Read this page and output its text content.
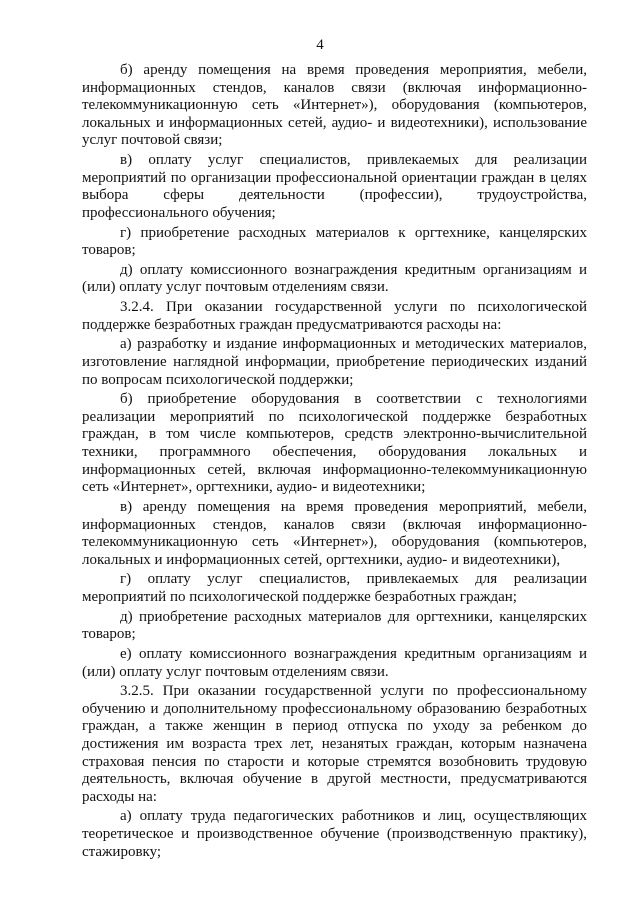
4

б) аренду помещения на время проведения мероприятия, мебели, информационных стендов, каналов связи (включая информационно-телекоммуникационную сеть «Интернет»), оборудования (компьютеров, локальных и информационных сетей, аудио- и видеотехники), использование услуг почтовой связи;

в) оплату услуг специалистов, привлекаемых для реализации мероприятий по организации профессиональной ориентации граждан в целях выбора сферы деятельности (профессии), трудоустройства, профессионального обучения;

г) приобретение расходных материалов к оргтехнике, канцелярских товаров;

д) оплату комиссионного вознаграждения кредитным организациям и (или) оплату услуг почтовым отделениям связи.

3.2.4. При оказании государственной услуги по психологической поддержке безработных граждан предусматриваются расходы на:

а) разработку и издание информационных и методических материалов, изготовление наглядной информации, приобретение периодических изданий по вопросам психологической поддержки;

б) приобретение оборудования в соответствии с технологиями реализации мероприятий по психологической поддержке безработных граждан, в том числе компьютеров, средств электронно-вычислительной техники, программного обеспечения, оборудования локальных и информационных сетей, включая информационно-телекоммуникационную сеть «Интернет», оргтехники, аудио- и видеотехники;

в) аренду помещения на время проведения мероприятий, мебели, информационных стендов, каналов связи (включая информационно-телекоммуникационную сеть «Интернет»), оборудования (компьютеров, локальных и информационных сетей, оргтехники, аудио- и видеотехники),

г) оплату услуг специалистов, привлекаемых для реализации мероприятий по психологической поддержке безработных граждан;

д) приобретение расходных материалов для оргтехники, канцелярских товаров;

е) оплату комиссионного вознаграждения кредитным организациям и (или) оплату услуг почтовым отделениям связи.

3.2.5. При оказании государственной услуги по профессиональному обучению и дополнительному профессиональному образованию безработных граждан, а также женщин в период отпуска по уходу за ребенком до достижения им возраста трех лет, незанятых граждан, которым назначена страховая пенсия по старости и которые стремятся возобновить трудовую деятельность, включая обучение в другой местности, предусматриваются расходы на:

а) оплату труда педагогических работников и лиц, осуществляющих теоретическое и производственное обучение (производственную практику), стажировку;
